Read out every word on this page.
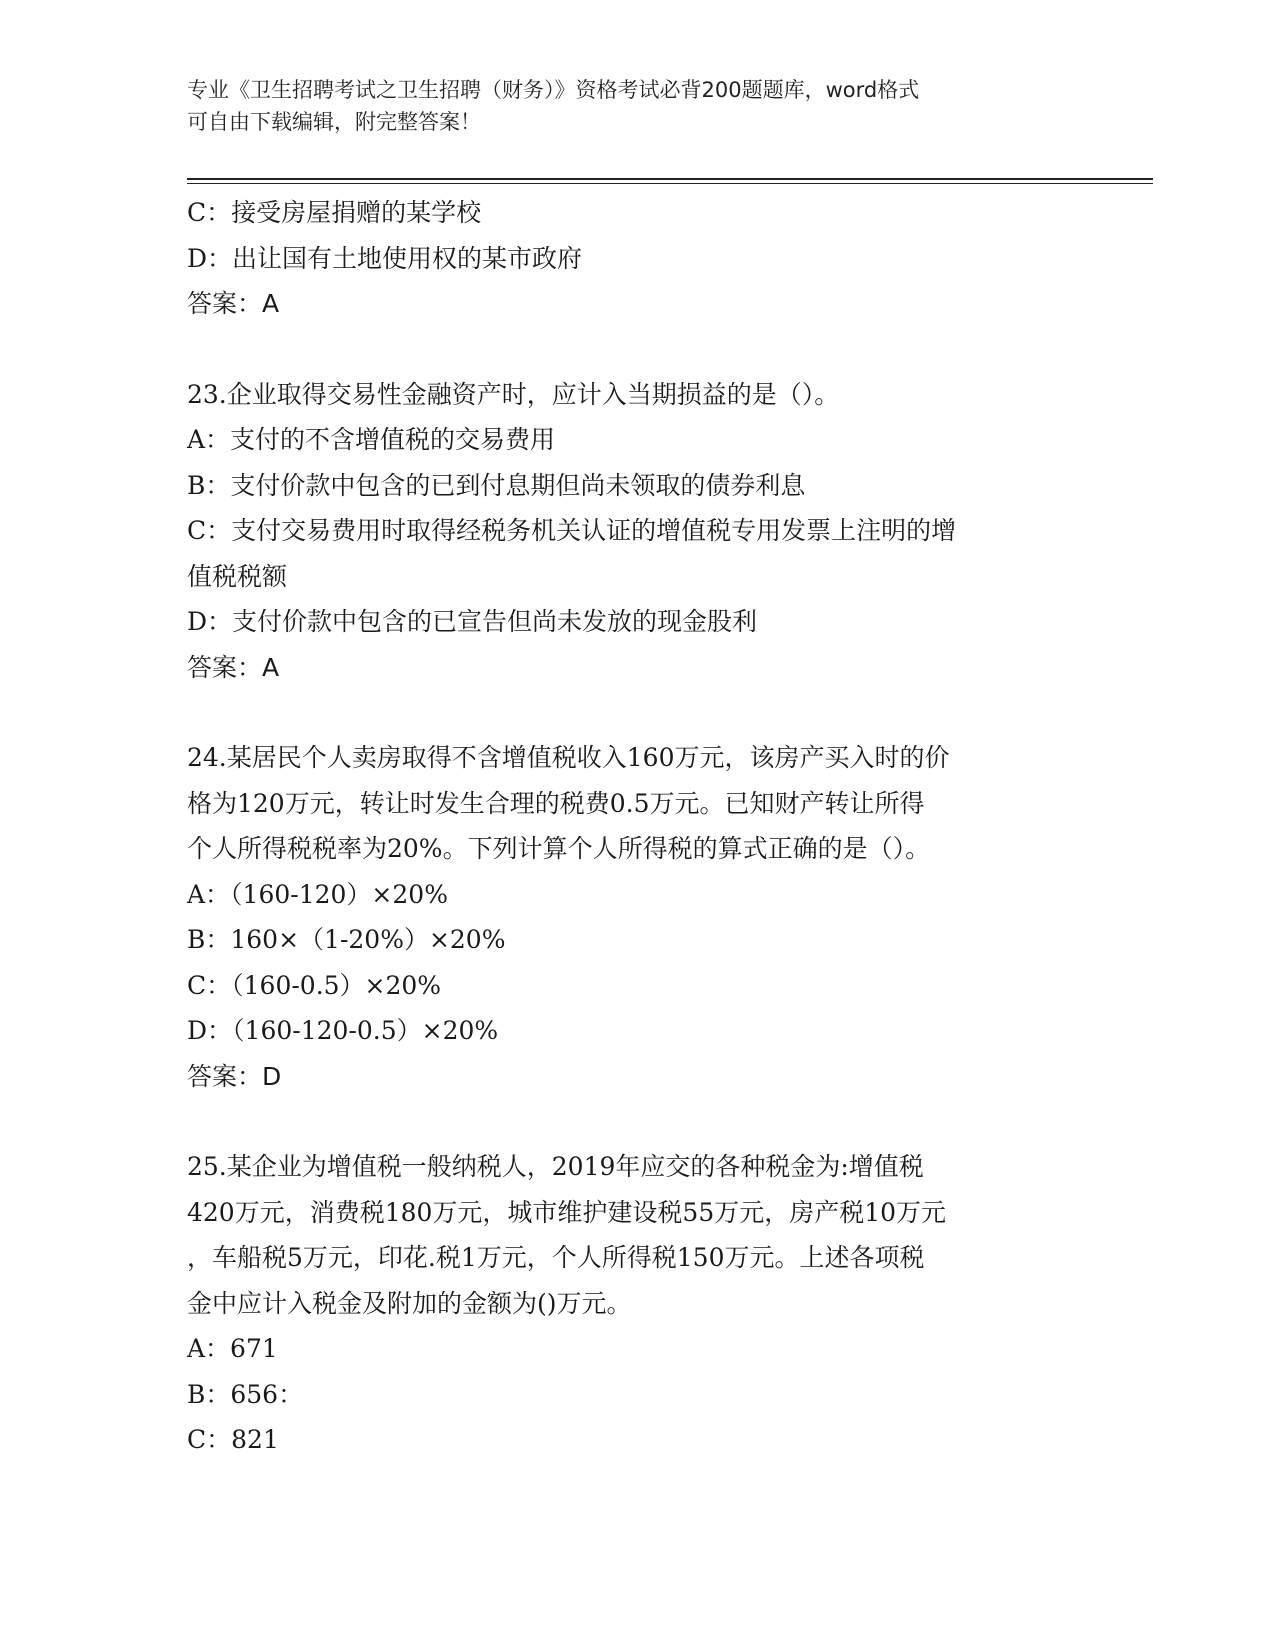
专业《卫生招聘考试之卫生招聘（财务）》资格考试必背200题题库，word格式
可自由下载编辑，附完整答案！

C：接受房屋捐赠的某学校

D：出让国有土地使用权的某市政府

答案：A

23.企业取得交易性金融资产时，应计入当期损益的是（）。

A：支付的不含增值税的交易费用

B：支付价款中包含的已到付息期但尚未领取的债券利息

C：支付交易费用时取得经税务机关认证的增值税专用发票上注明的增

值税税额

D：支付价款中包含的已宣告但尚未发放的现金股利

答案：A

24.某居民个人卖房取得不含增值税收入160万元，该房产买入时的价

格为120万元，转让时发生合理的税费0.5万元。已知财产转让所得

个人所得税税率为20%。下列计算个人所得税的算式正确的是（）。

A：（160-120）×20%

B：160×（1-20%）×20%

C：（160-0.5）×20%

D：（160-120-0.5）×20%

答案：D

25.某企业为增值税一般纳税人，2019年应交的各种税金为:增值税

420万元，消费税180万元，城市维护建设税55万元，房产税10万元

，车船税5万元，印花.税1万元，个人所得税150万元。上述各项税

金中应计入税金及附加的金额为()万元。

A：671

B：656：

C：821
